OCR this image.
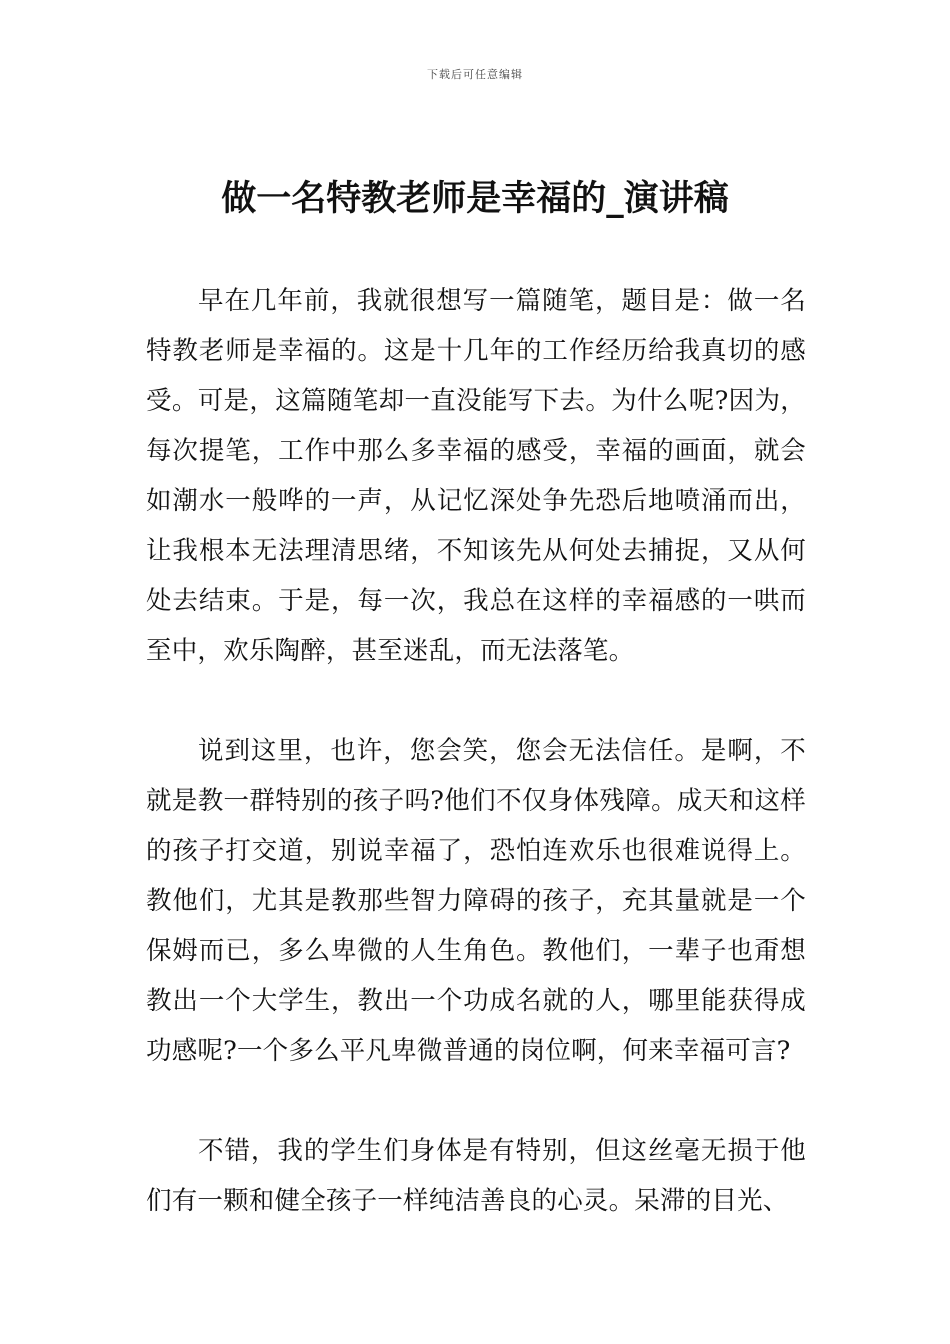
下载后可任意编辑
做一名特教老师是幸福的_演讲稿

早在几年前，我就很想写一篇随笔，题目是：做一名特教老师是幸福的。这是十几年的工作经历给我真切的感受。可是，这篇随笔却一直没能写下去。为什么呢?因为，每次提笔，工作中那么多幸福的感受，幸福的画面，就会如潮水一般哗的一声，从记忆深处争先恐后地喷涌而出，让我根本无法理清思绪，不知该先从何处去捕捉，又从何处去结束。于是，每一次，我总在这样的幸福感的一哄而至中，欢乐陶醉，甚至迷乱，而无法落笔。

说到这里，也许，您会笑，您会无法信任。是啊，不就是教一群特别的孩子吗?他们不仅身体残障。成天和这样的孩子打交道，别说幸福了，恐怕连欢乐也很难说得上。教他们，尤其是教那些智力障碍的孩子，充其量就是一个保姆而已，多么卑微的人生角色。教他们，一辈子也甭想教出一个大学生，教出一个功成名就的人，哪里能获得成功感呢?一个多么平凡卑微普通的岗位啊，何来幸福可言?

不错，我的学生们身体是有特别，但这丝毫无损于他们有一颗和健全孩子一样纯洁善良的心灵。呆滞的目光、
